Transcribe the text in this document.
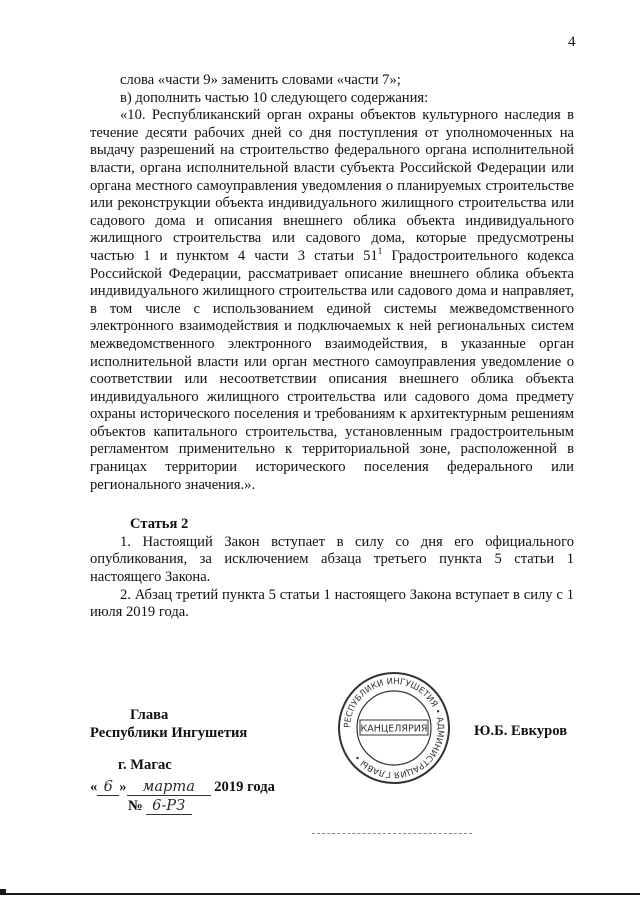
4

слова «части 9» заменить словами «части 7»;

в) дополнить частью 10 следующего содержания:

«10. Республиканский орган охраны объектов культурного наследия в течение десяти рабочих дней со дня поступления от уполномоченных на выдачу разрешений на строительство федерального органа исполнительной власти, органа исполнительной власти субъекта Российской Федерации или органа местного самоуправления уведомления о планируемых строительстве или реконструкции объекта индивидуального жилищного строительства или садового дома и описания внешнего облика объекта индивидуального жилищного строительства или садового дома, которые предусмотрены частью 1 и пунктом 4 части 3 статьи $51^1$ Градостроительного кодекса Российской Федерации, рассматривает описание внешнего облика объекта индивидуального жилищного строительства или садового дома и направляет, в том числе с использованием единой системы межведомственного электронного взаимодействия и подключаемых к ней региональных систем межведомственного электронного взаимодействия, в указанные орган исполнительной власти или орган местного самоуправления уведомление о соответствии или несоответствии описания внешнего облика объекта индивидуального жилищного строительства или садового дома предмету охраны исторического поселения и требованиям к архитектурным решениям объектов капитального строительства, установленным градостроительным регламентом применительно к территориальной зоне, расположенной в границах территории исторического поселения федерального или регионального значения.».

Статья 2

1. Настоящий Закон вступает в силу со дня его официального опубликования, за исключением абзаца третьего пункта 5 статьи 1 настоящего Закона.

2. Абзац третий пункта 5 статьи 1 настоящего Закона вступает в силу с 1 июля 2019 года.

Глава
Республики Ингушетия	РЕСПУБЛИКИ ИНГУШЕТИЯ • АДМИНИСТРАЦИЯ ГЛАВЫ •
КАНЦЕЛЯРИЯ	Ю.Б. Евкуров
г. Магас
« 6 » марта 2019 года
№ 6-РЗ
